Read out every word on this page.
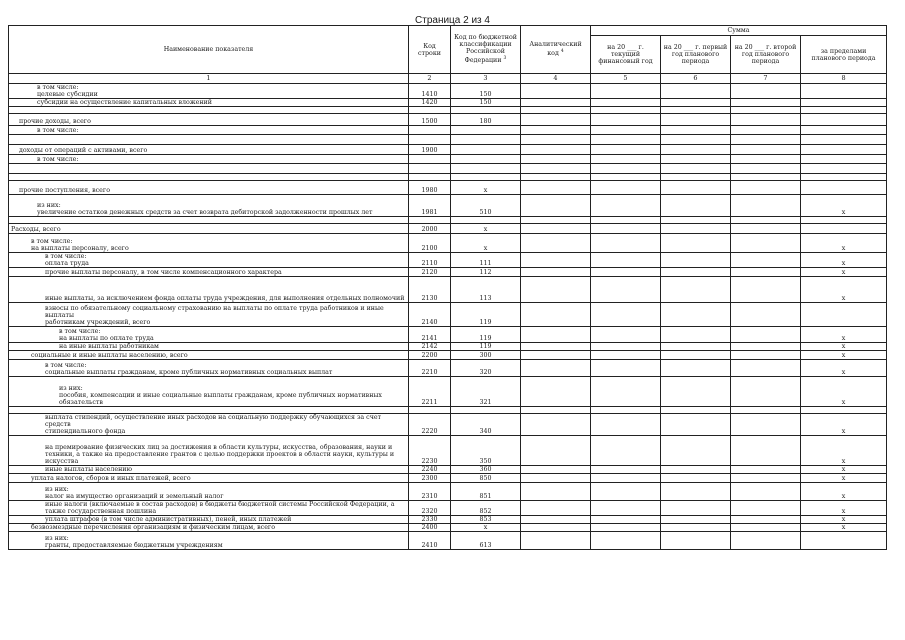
Страница 2 из 4
Наименование показателя	Код строки	Код по бюджетной классификации Российской Федерации $^3$	Аналитический код $^4$	Сумма			
				на 20 ___ г. текущий финансовый год	на 20 ___ г. первый год планового периода	на 20 ___ г. второй год планового периода	за пределами планового периода
1	2	3	4	5	6	7	8
в том числе:
целевые субсидии	1410	150					
субсидии на осуществление капитальных вложений	1420	150					

прочие доходы, всего	1500	180					
в том числе:							

доходы от операций с активами, всего	1900						
в том числе:							

прочие поступления, всего	1980	x					
из них:
увеличение остатков денежных средств за счет возврата дебиторской задолженности прошлых лет	1981	510					x

Расходы, всего	2000	x					
в том числе:
на выплаты персоналу, всего	2100	x					x
в том числе:
оплата труда	2110	111					x
прочие выплаты персоналу, в том числе компенсационного характера	2120	112					x
иные выплаты, за исключением фонда оплаты труда учреждения, для выполнения отдельных полномочий	2130	113					x
взносы по обязательному социальному страхованию на выплаты по оплате труда работников и иные выплаты
работникам учреждений, всего	2140	119					
в том числе:
на выплаты по оплате труда	2141	119					x
на иные выплаты работникам	2142	119					x
социальные и иные выплаты населению, всего	2200	300					x
в том числе:
социальные выплаты гражданам, кроме публичных нормативных социальных выплат	2210	320					x
из них:
пособия, компенсации и иные социальные выплаты гражданам, кроме публичных нормативных
обязательств	2211	321					x

выплата стипендий, осуществление иных расходов на социальную поддержку обучающихся за счет средств
стипендиального фонда	2220	340					x
на премирование физических лиц за достижения в области культуры, искусства, образования, науки и
техники, а также на предоставление грантов с целью поддержки проектов в области науки, культуры и
искусства	2230	350					x
иные выплаты населению	2240	360					x
уплата налогов, сборов и иных платежей, всего	2300	850					x
из них:
налог на имущество организаций и земельный налог	2310	851					x
иные налоги (включаемые в состав расходов) в бюджеты бюджетной системы Российской Федерации, а
также государственная пошлина	2320	852					x
уплата штрафов (в том числе административных), пеней, иных платежей	2330	853					x
безвозмездные перечисления организациям и физическим лицам, всего	2400	x					x
из них:
гранты, предоставляемые бюджетным учреждениям	2410	613					
